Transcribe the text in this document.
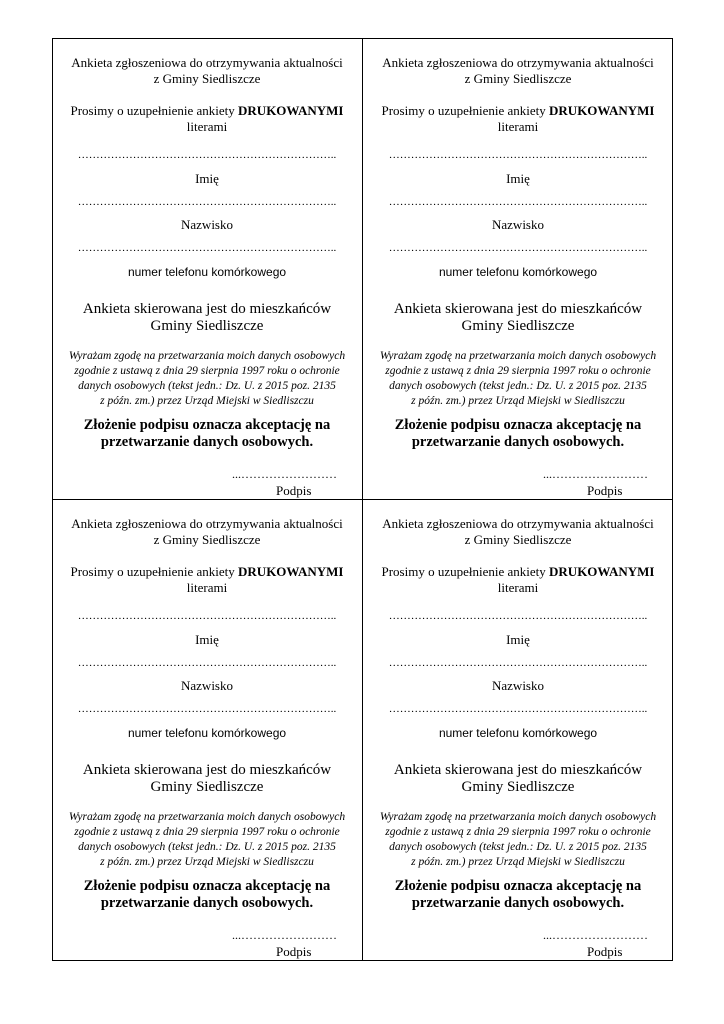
Ankieta zgłoszeniowa do otrzymywania aktualności
z Gminy Siedliszcze
Prosimy o uzupełnienie ankiety DRUKOWANYMI
literami
……………………………………………………………..
Imię
……………………………………………………………..
Nazwisko
……………………………………………………………..
numer telefonu komórkowego
Ankieta skierowana jest do mieszkańców
Gminy Siedliszcze
Wyrażam zgodę na przetwarzania moich danych osobowych
zgodnie z ustawą z dnia 29 sierpnia 1997 roku o ochronie
danych osobowych (tekst jedn.: Dz. U. z 2015 poz. 2135
z późn. zm.) przez Urząd Miejski w Siedliszczu
Złożenie podpisu oznacza akceptację na
przetwarzanie danych osobowych.
...……………………
Podpis
Ankieta zgłoszeniowa do otrzymywania aktualności
z Gminy Siedliszcze
Prosimy o uzupełnienie ankiety DRUKOWANYMI
literami
……………………………………………………………..
Imię
……………………………………………………………..
Nazwisko
……………………………………………………………..
numer telefonu komórkowego
Ankieta skierowana jest do mieszkańców
Gminy Siedliszcze
Wyrażam zgodę na przetwarzania moich danych osobowych
zgodnie z ustawą z dnia 29 sierpnia 1997 roku o ochronie
danych osobowych (tekst jedn.: Dz. U. z 2015 poz. 2135
z późn. zm.) przez Urząd Miejski w Siedliszczu
Złożenie podpisu oznacza akceptację na
przetwarzanie danych osobowych.
...……………………
Podpis
Ankieta zgłoszeniowa do otrzymywania aktualności
z Gminy Siedliszcze
Prosimy o uzupełnienie ankiety DRUKOWANYMI
literami
……………………………………………………………..
Imię
……………………………………………………………..
Nazwisko
……………………………………………………………..
numer telefonu komórkowego
Ankieta skierowana jest do mieszkańców
Gminy Siedliszcze
Wyrażam zgodę na przetwarzania moich danych osobowych
zgodnie z ustawą z dnia 29 sierpnia 1997 roku o ochronie
danych osobowych (tekst jedn.: Dz. U. z 2015 poz. 2135
z późn. zm.) przez Urząd Miejski w Siedliszczu
Złożenie podpisu oznacza akceptację na
przetwarzanie danych osobowych.
...……………………
Podpis
Ankieta zgłoszeniowa do otrzymywania aktualności
z Gminy Siedliszcze
Prosimy o uzupełnienie ankiety DRUKOWANYMI
literami
……………………………………………………………..
Imię
……………………………………………………………..
Nazwisko
……………………………………………………………..
numer telefonu komórkowego
Ankieta skierowana jest do mieszkańców
Gminy Siedliszcze
Wyrażam zgodę na przetwarzania moich danych osobowych
zgodnie z ustawą z dnia 29 sierpnia 1997 roku o ochronie
danych osobowych (tekst jedn.: Dz. U. z 2015 poz. 2135
z późn. zm.) przez Urząd Miejski w Siedliszczu
Złożenie podpisu oznacza akceptację na
przetwarzanie danych osobowych.
...……………………
Podpis
